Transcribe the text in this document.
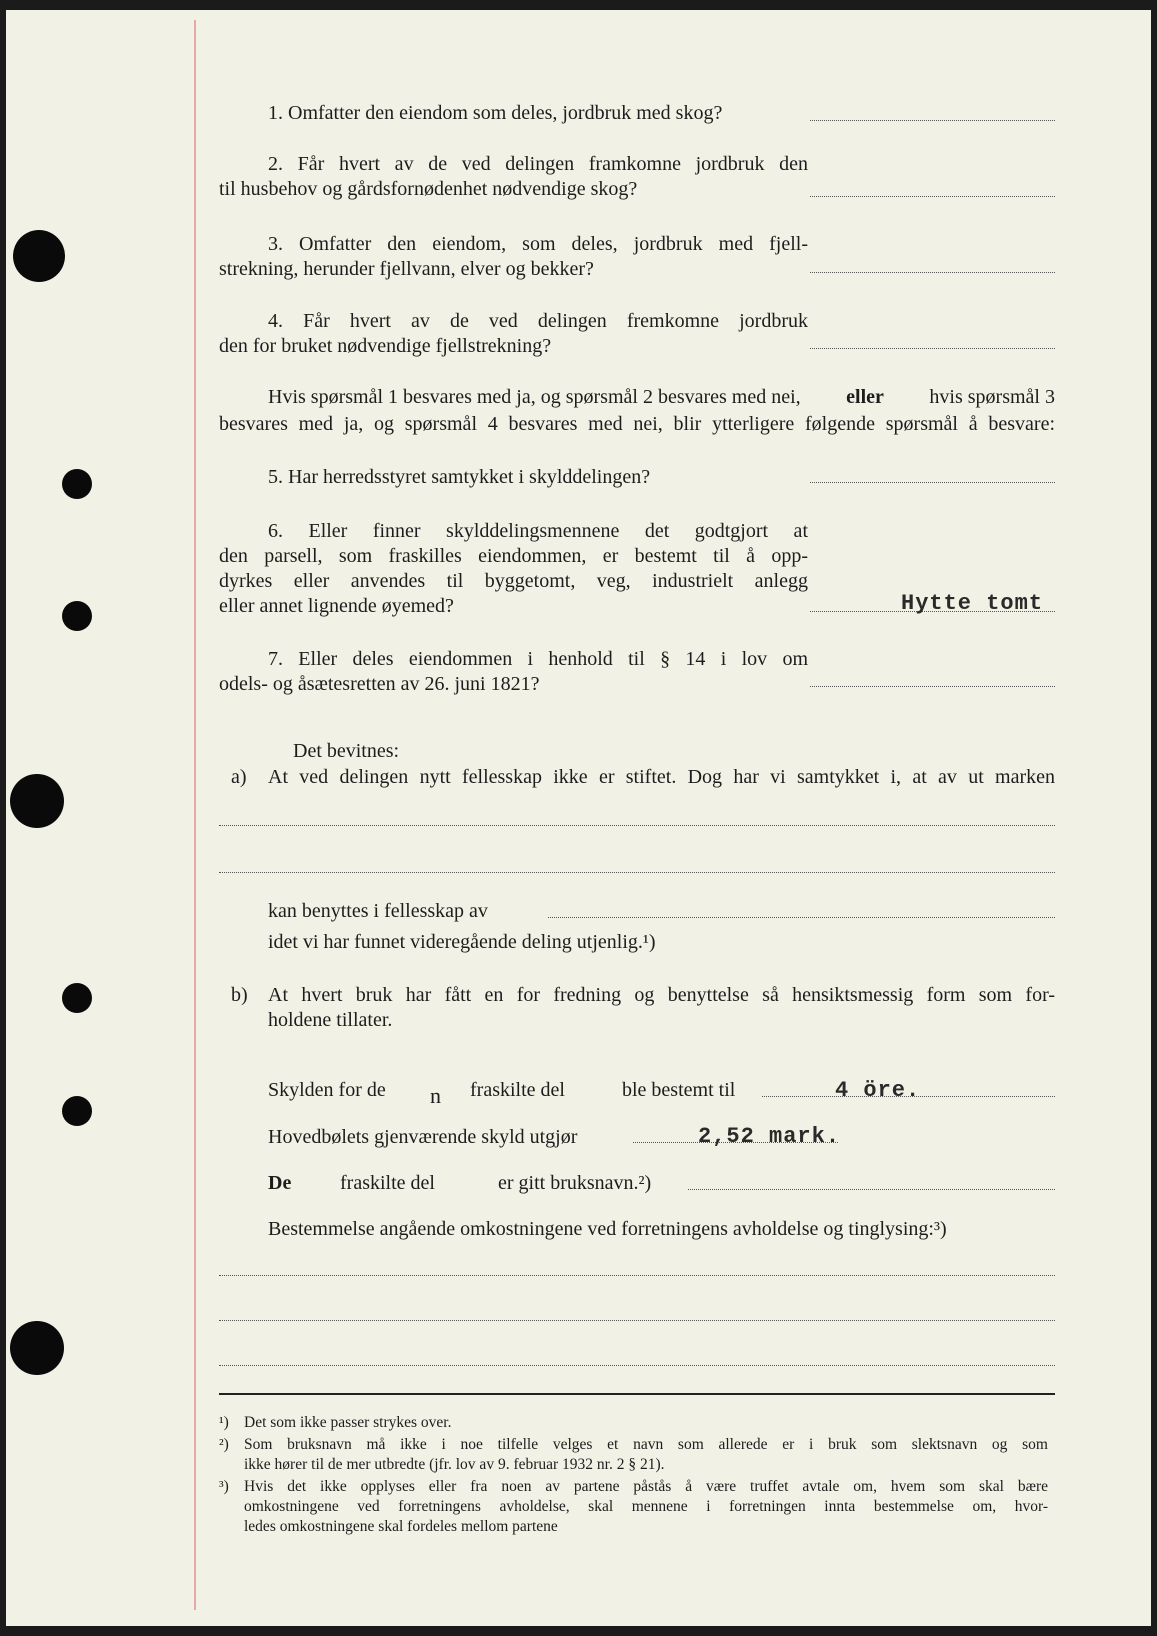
1. Omfatter den eiendom som deles, jordbruk med skog?
2. Får hvert av de ved delingen framkomne jordbruk den
til husbehov og gårdsfornødenhet nødvendige skog?
3. Omfatter den eiendom, som deles, jordbruk med fjell-
strekning, herunder fjellvann, elver og bekker?
4. Får hvert av de ved delingen fremkomne jordbruk
den for bruket nødvendige fjellstrekning?
Hvis spørsmål 1 besvares med ja, og spørsmål 2 besvares med nei, eller hvis spørsmål 3
besvares med ja, og spørsmål 4 besvares med nei, blir ytterligere følgende spørsmål å besvare:
5. Har herredsstyret samtykket i skylddelingen?
6. Eller finner skylddelingsmennene det godtgjort at
den parsell, som fraskilles eiendommen, er bestemt til å opp-
dyrkes eller anvendes til byggetomt, veg, industrielt anlegg
eller annet lignende øyemed?	Hytte tomt
7. Eller deles eiendommen i henhold til § 14 i lov om
odels- og åsætesretten av 26. juni 1821?
Det bevitnes:
a) At ved delingen nytt fellesskap ikke er stiftet. Dog har vi samtykket i, at av ut marken
kan benyttes i fellesskap av
idet vi har funnet videregående deling utjenlig.¹)
b) At hvert bruk har fått en for fredning og benyttelse så hensiktsmessig form som for-
holdene tillater.
Skylden for de n fraskilte del	ble bestemt til	4 öre.
Hovedbølets gjenværende skyld utgjør	2,52 mark.
De fraskilte del	er gitt bruksnavn.²)
Bestemmelse angående omkostningene ved forretningens avholdelse og tinglysing:³)
¹) Det som ikke passer strykes over.
²) Som bruksnavn må ikke i noe tilfelle velges et navn som allerede er i bruk som slektsnavn og som
ikke hører til de mer utbredte (jfr. lov av 9. februar 1932 nr. 2 § 21).
³) Hvis det ikke opplyses eller fra noen av partene påstås å være truffet avtale om, hvem som skal bære
omkostningene ved forretningens avholdelse, skal mennene i forretningen innta bestemmelse om, hvor-
ledes omkostningene skal fordeles mellom partene
